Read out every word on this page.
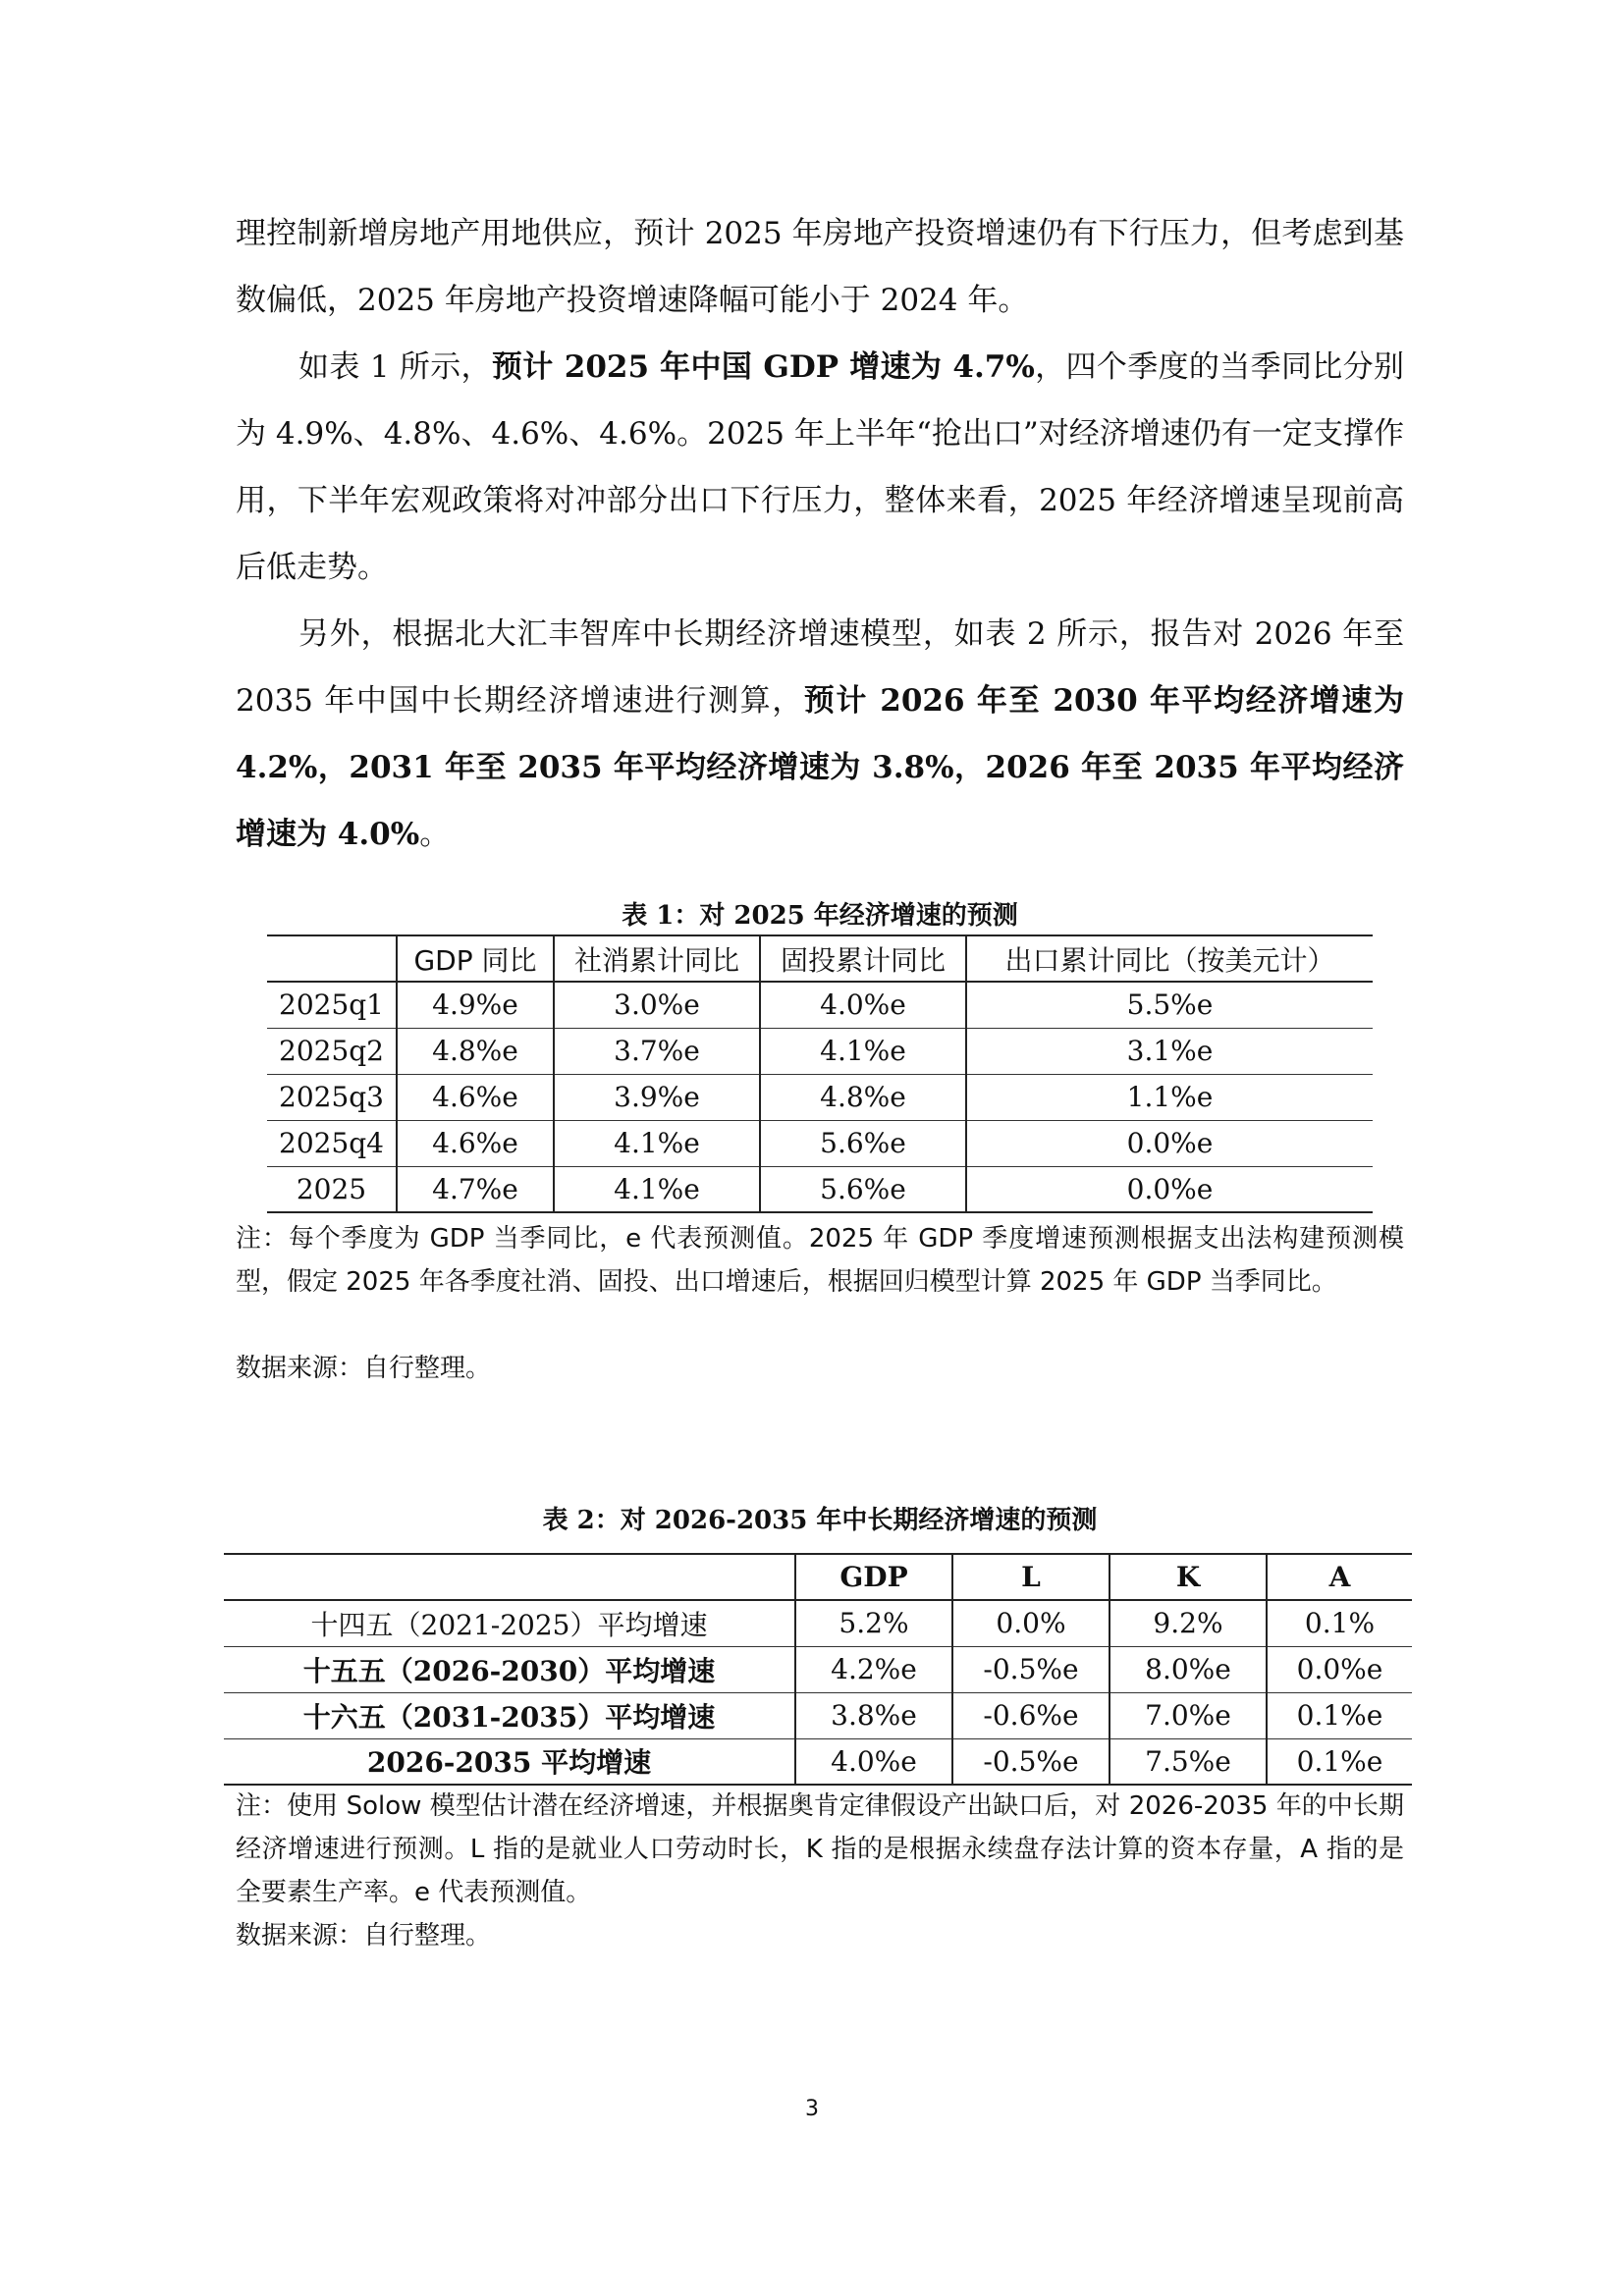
理控制新增房地产用地供应，预计 2025 年房地产投资增速仍有下行压力，但考虑到基数偏低，2025 年房地产投资增速降幅可能小于 2024 年。

如表 1 所示，预计 2025 年中国 GDP 增速为 4.7%，四个季度的当季同比分别为 4.9%、4.8%、4.6%、4.6%。2025 年上半年“抢出口”对经济增速仍有一定支撑作用，下半年宏观政策将对冲部分出口下行压力，整体来看，2025 年经济增速呈现前高后低走势。

另外，根据北大汇丰智库中长期经济增速模型，如表 2 所示，报告对 2026 年至 2035 年中国中长期经济增速进行测算，预计 2026 年至 2030 年平均经济增速为 4.2%，2031 年至 2035 年平均经济增速为 3.8%，2026 年至 2035 年平均经济增速为 4.0%。

表 1：对 2025 年经济增速的预测
	GDP 同比	社消累计同比	固投累计同比	出口累计同比（按美元计）
2025q1	4.9%e	3.0%e	4.0%e	5.5%e
2025q2	4.8%e	3.7%e	4.1%e	3.1%e
2025q3	4.6%e	3.9%e	4.8%e	1.1%e
2025q4	4.6%e	4.1%e	5.6%e	0.0%e
2025	4.7%e	4.1%e	5.6%e	0.0%e

注：每个季度为 GDP 当季同比，e 代表预测值。2025 年 GDP 季度增速预测根据支出法构建预测模型，假定 2025 年各季度社消、固投、出口增速后，根据回归模型计算 2025 年 GDP 当季同比。

数据来源：自行整理。

表 2：对 2026-2035 年中长期经济增速的预测
	GDP	L	K	A
十四五（2021-2025）平均增速	5.2%	0.0%	9.2%	0.1%
十五五（2026-2030）平均增速	4.2%e	-0.5%e	8.0%e	0.0%e
十六五（2031-2035）平均增速	3.8%e	-0.6%e	7.0%e	0.1%e
2026-2035 平均增速	4.0%e	-0.5%e	7.5%e	0.1%e

注：使用 Solow 模型估计潜在经济增速，并根据奥肯定律假设产出缺口后，对 2026-2035 年的中长期经济增速进行预测。L 指的是就业人口劳动时长，K 指的是根据永续盘存法计算的资本存量，A 指的是全要素生产率。e 代表预测值。

数据来源：自行整理。

3
